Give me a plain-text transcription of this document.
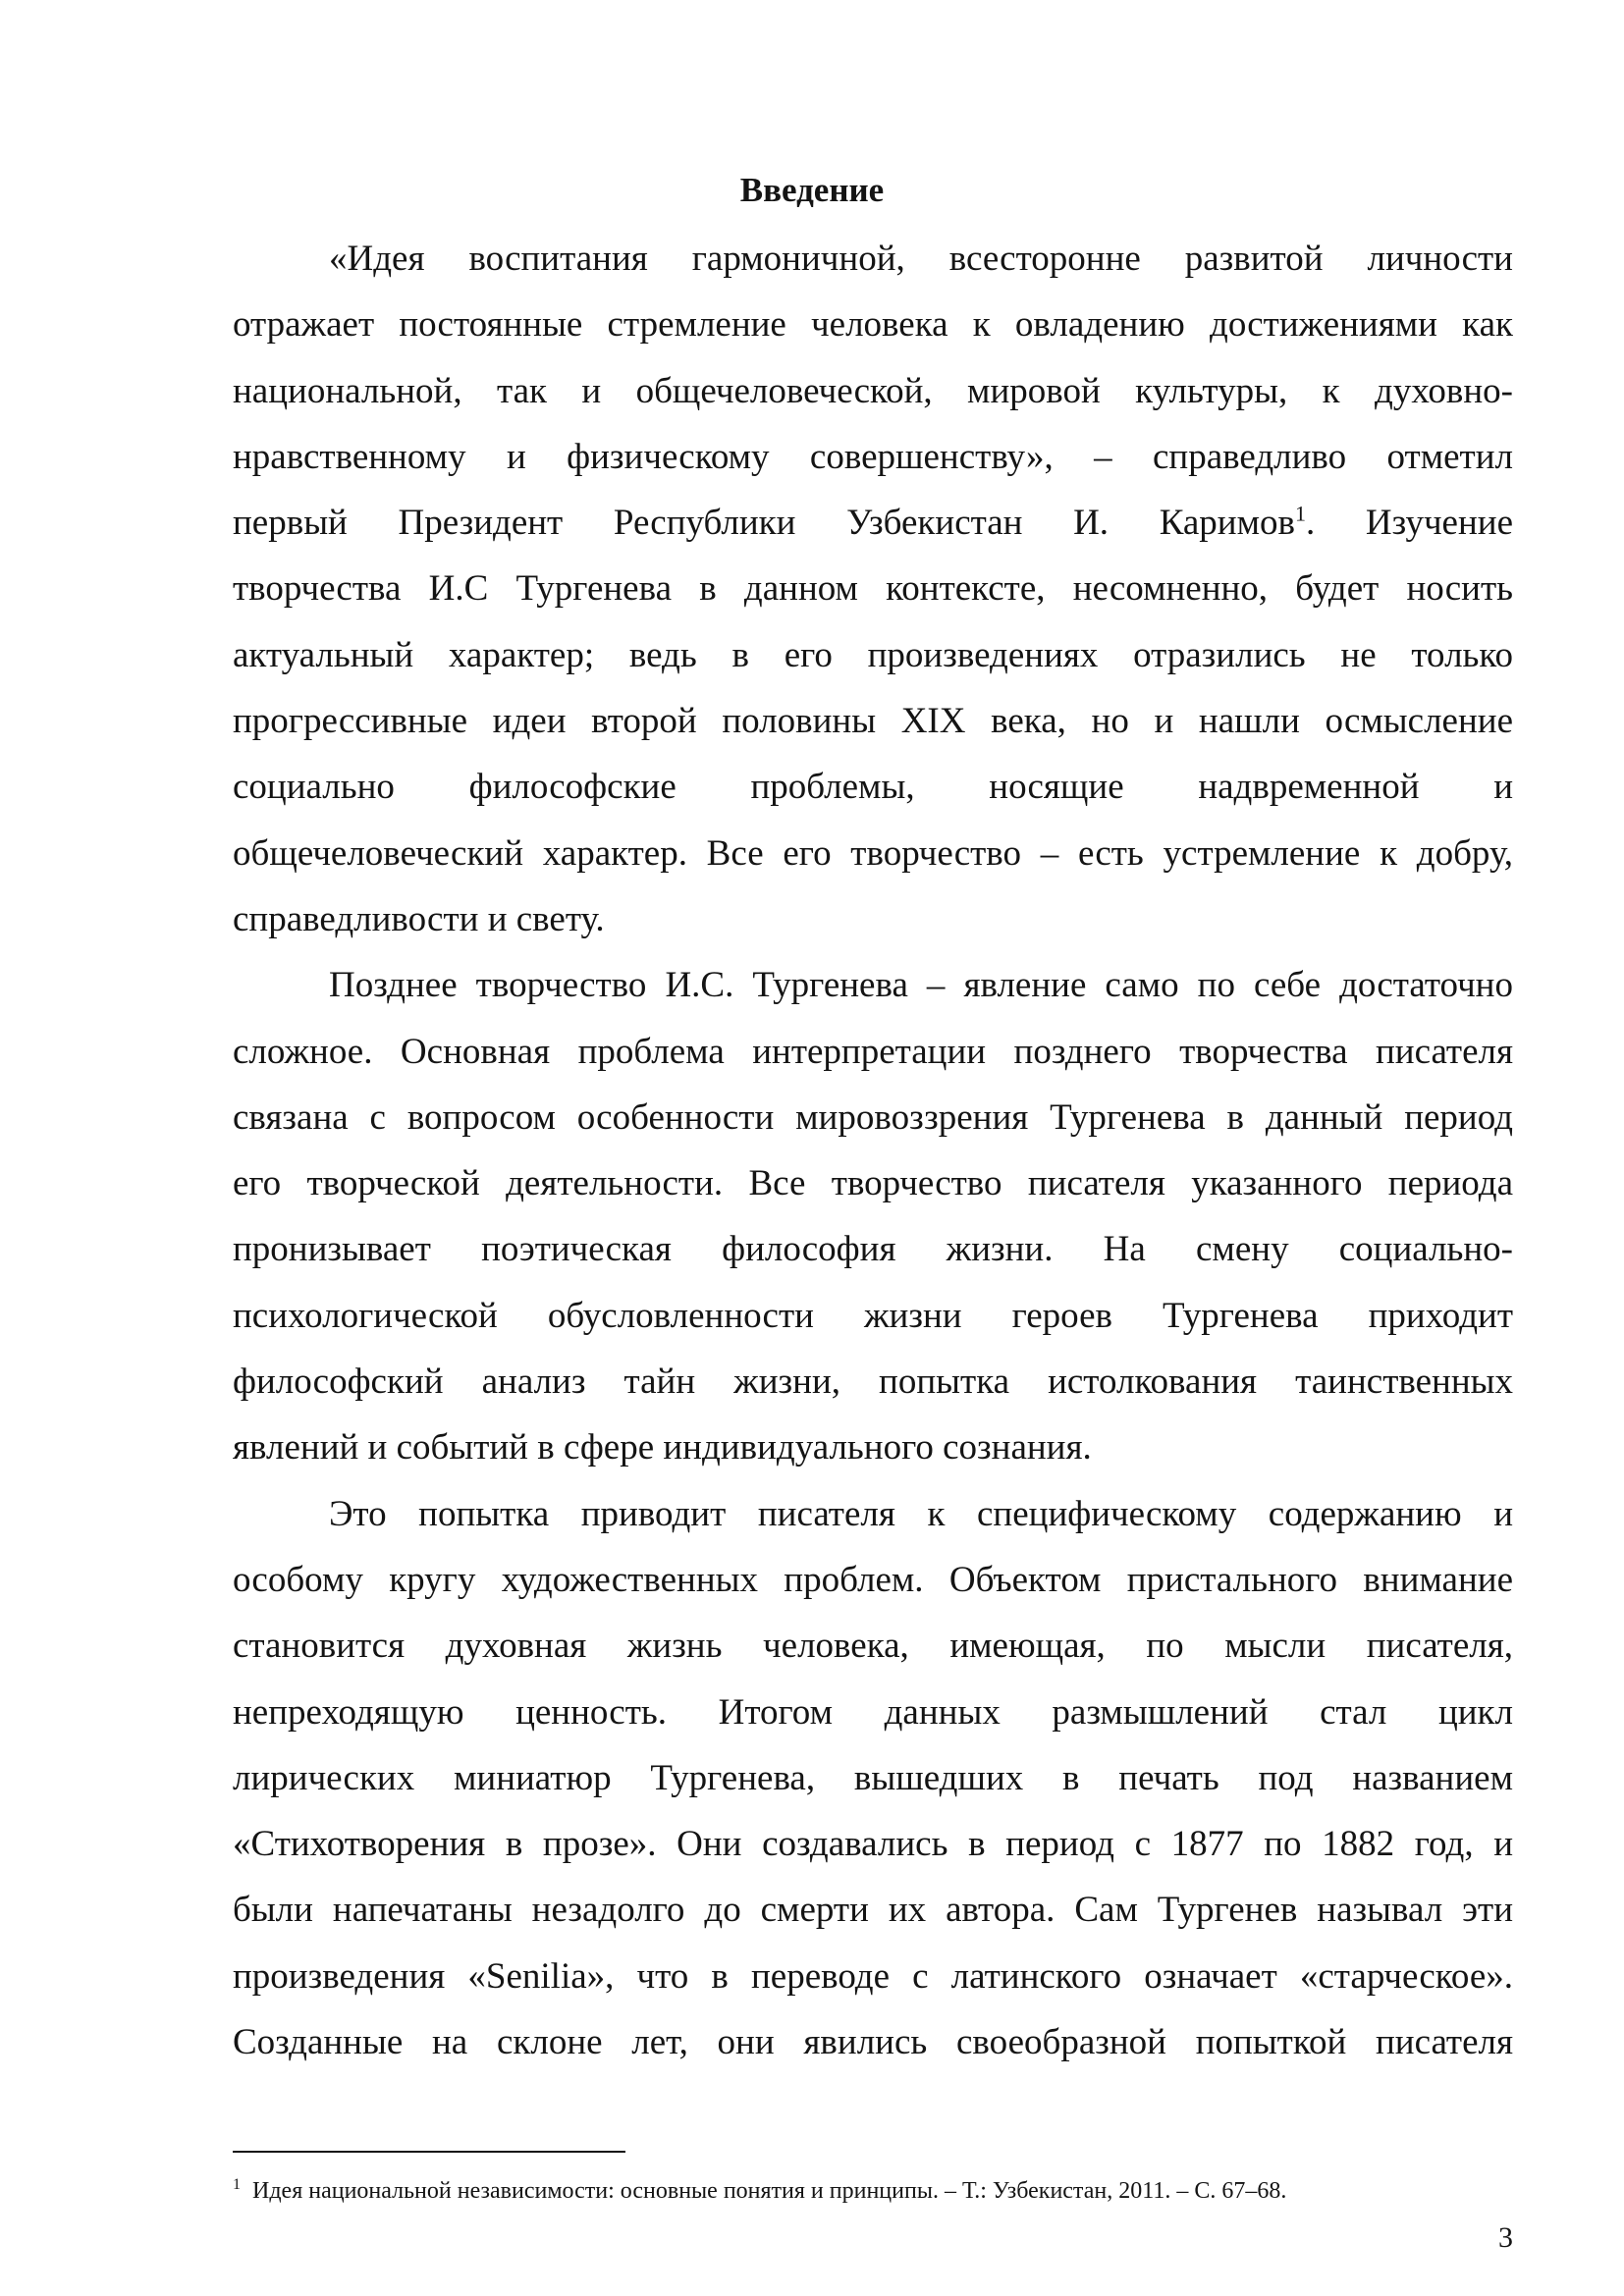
Введение

«Идея воспитания гармоничной, всесторонне развитой личности
отражает постоянные стремление человека к овладению достижениями как
национальной, так и общечеловеческой, мировой культуры, к духовно-
нравственному и физическому совершенству», – справедливо отметил
первый Президент Республики Узбекистан И. Каримов$^1$. Изучение
творчества И.С Тургенева в данном контексте, несомненно, будет носить
актуальный характер; ведь в его произведениях отразились не только
прогрессивные идеи второй половины XIX века, но и нашли осмысление
социально философские проблемы, носящие надвременной и
общечеловеческий характер. Все его творчество – есть устремление к добру,
справедливости и свету.

Позднее творчество И.С. Тургенева – явление само по себе достаточно
сложное. Основная проблема интерпретации позднего творчества писателя
связана с вопросом особенности мировоззрения Тургенева в данный период
его творческой деятельности. Все творчество писателя указанного периода
пронизывает поэтическая философия жизни. На смену социально-
психологической обусловленности жизни героев Тургенева приходит
философский анализ тайн жизни, попытка истолкования таинственных
явлений и событий в сфере индивидуального сознания.

Это попытка приводит писателя к специфическому содержанию и
особому кругу художественных проблем. Объектом пристального внимание
становится духовная жизнь человека, имеющая, по мысли писателя,
непреходящую ценность. Итогом данных размышлений стал цикл
лирических миниатюр Тургенева, вышедших в печать под названием
«Стихотворения в прозе». Они создавались в период с 1877 по 1882 год, и
были напечатаны незадолго до смерти их автора. Сам Тургенев называл эти
произведения «Senilia», что в переводе с латинского означает «старческое».
Созданные на склоне лет, они явились своеобразной попыткой писателя

$^1$ Идея национальной независимости: основные понятия и принципы. – Т.: Узбекистан, 2011. – С. 67–68.
3
